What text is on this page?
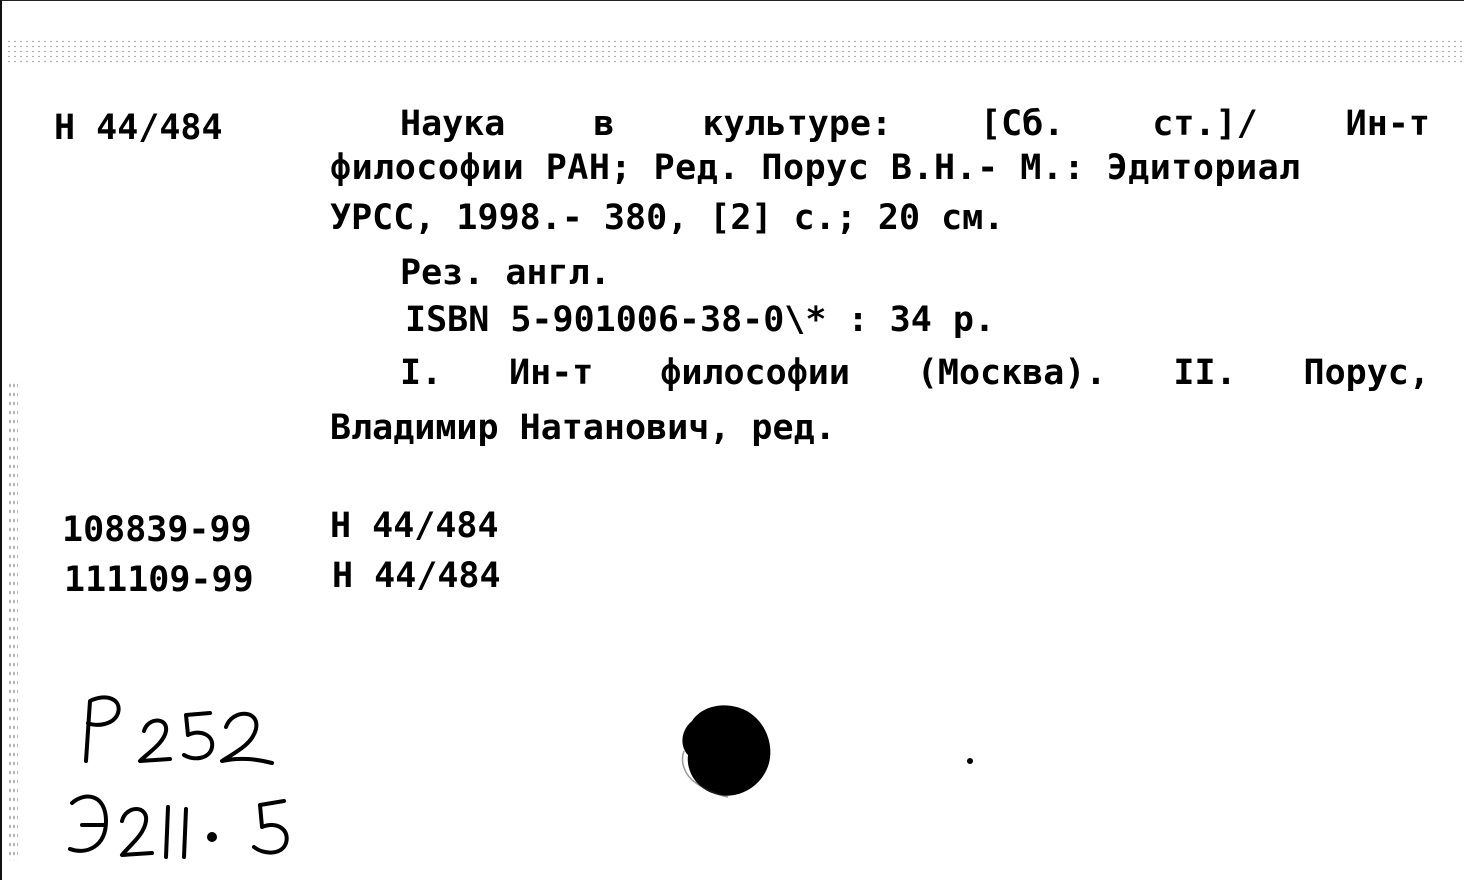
Н 44/484	Наука	в	культуре:	[Сб.	ст.]/	Ин-т
философии РАН; Ред. Порус В.Н.- М.: Эдиториал
УРСС, 1998.- 380, [2] с.; 20 см.
Рез. англ.
ISBN 5-901006-38-0\* : 34 р.
I. Ин-т философии (Москва). II. Порус,
Владимир Натанович, ред.
108839-99 Н 44/484
111109-99 Н 44/484
